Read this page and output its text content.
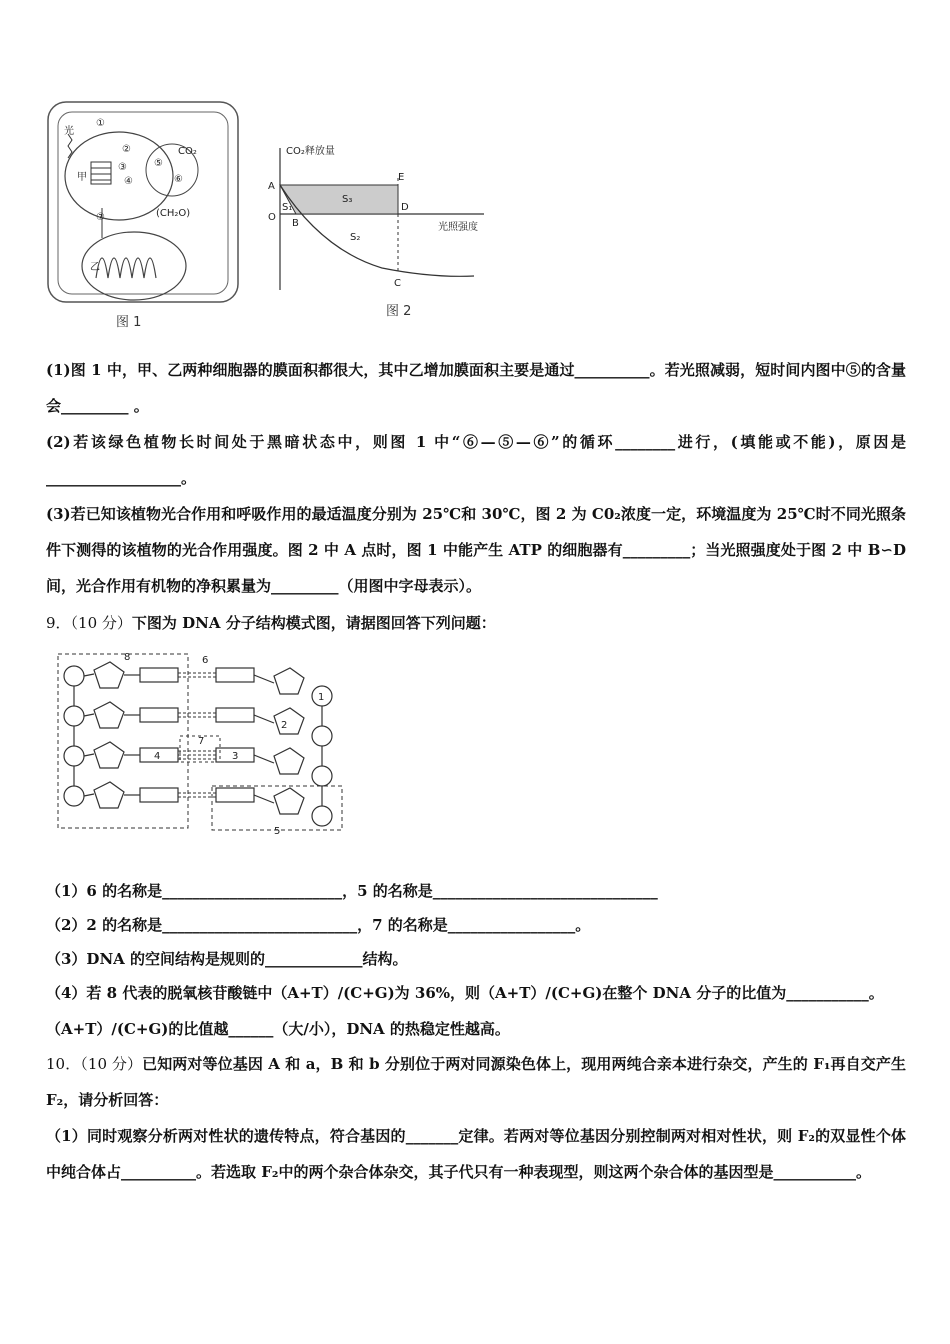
光
甲
乙
CO₂
(CH₂O)
①
②
③
④
⑤
⑥
⑦
图 1
CO₂释放量
光照强度
A
B
C
D
E
O
S₁
S₂
S₃
图 2
(1)图 1 中，甲、乙两种细胞器的膜面积都很大，其中乙增加膜面积主要是通过__________。若光照减弱，短时间内图中⑤的含量会_________ 。
(2)若该绿色植物长时间处于黑暗状态中，则图 1 中“⑥—⑤—⑥”的循环________进行，(填能或不能)，原因是__________________。
(3)若已知该植物光合作用和呼吸作用的最适温度分别为 25℃和 30℃，图 2 为 C0₂浓度一定，环境温度为 25℃时不同光照条件下测得的该植物的光合作用强度。图 2 中 A 点时，图 1 中能产生 ATP 的细胞器有_________；当光照强度处于图 2 中 B∽D 间，光合作用有机物的净积累量为_________（用图中字母表示）。
9．（10 分）下图为 DNA 分子结构模式图，请据图回答下列问题：
8	6
7
5
1
2
3
4
（1）6 的名称是________________________，5 的名称是______________________________
（2）2 的名称是__________________________，7 的名称是_________________。
（3）DNA 的空间结构是规则的_____________结构。
（4）若 8 代表的脱氧核苷酸链中（A+T）/(C+G)为 36%，则（A+T）/(C+G)在整个 DNA 分子的比值为___________。
（A+T）/(C+G)的比值越______（大/小），DNA 的热稳定性越高。
10．（10 分）已知两对等位基因 A 和 a，B 和 b 分别位于两对同源染色体上，现用两纯合亲本进行杂交，产生的 F₁再自交产生 F₂，请分析回答：
（1）同时观察分析两对性状的遗传特点，符合基因的_______定律。若两对等位基因分别控制两对相对性状，则 F₂的双显性个体中纯合体占__________。若选取 F₂中的两个杂合体杂交，其子代只有一种表现型，则这两个杂合体的基因型是___________。
